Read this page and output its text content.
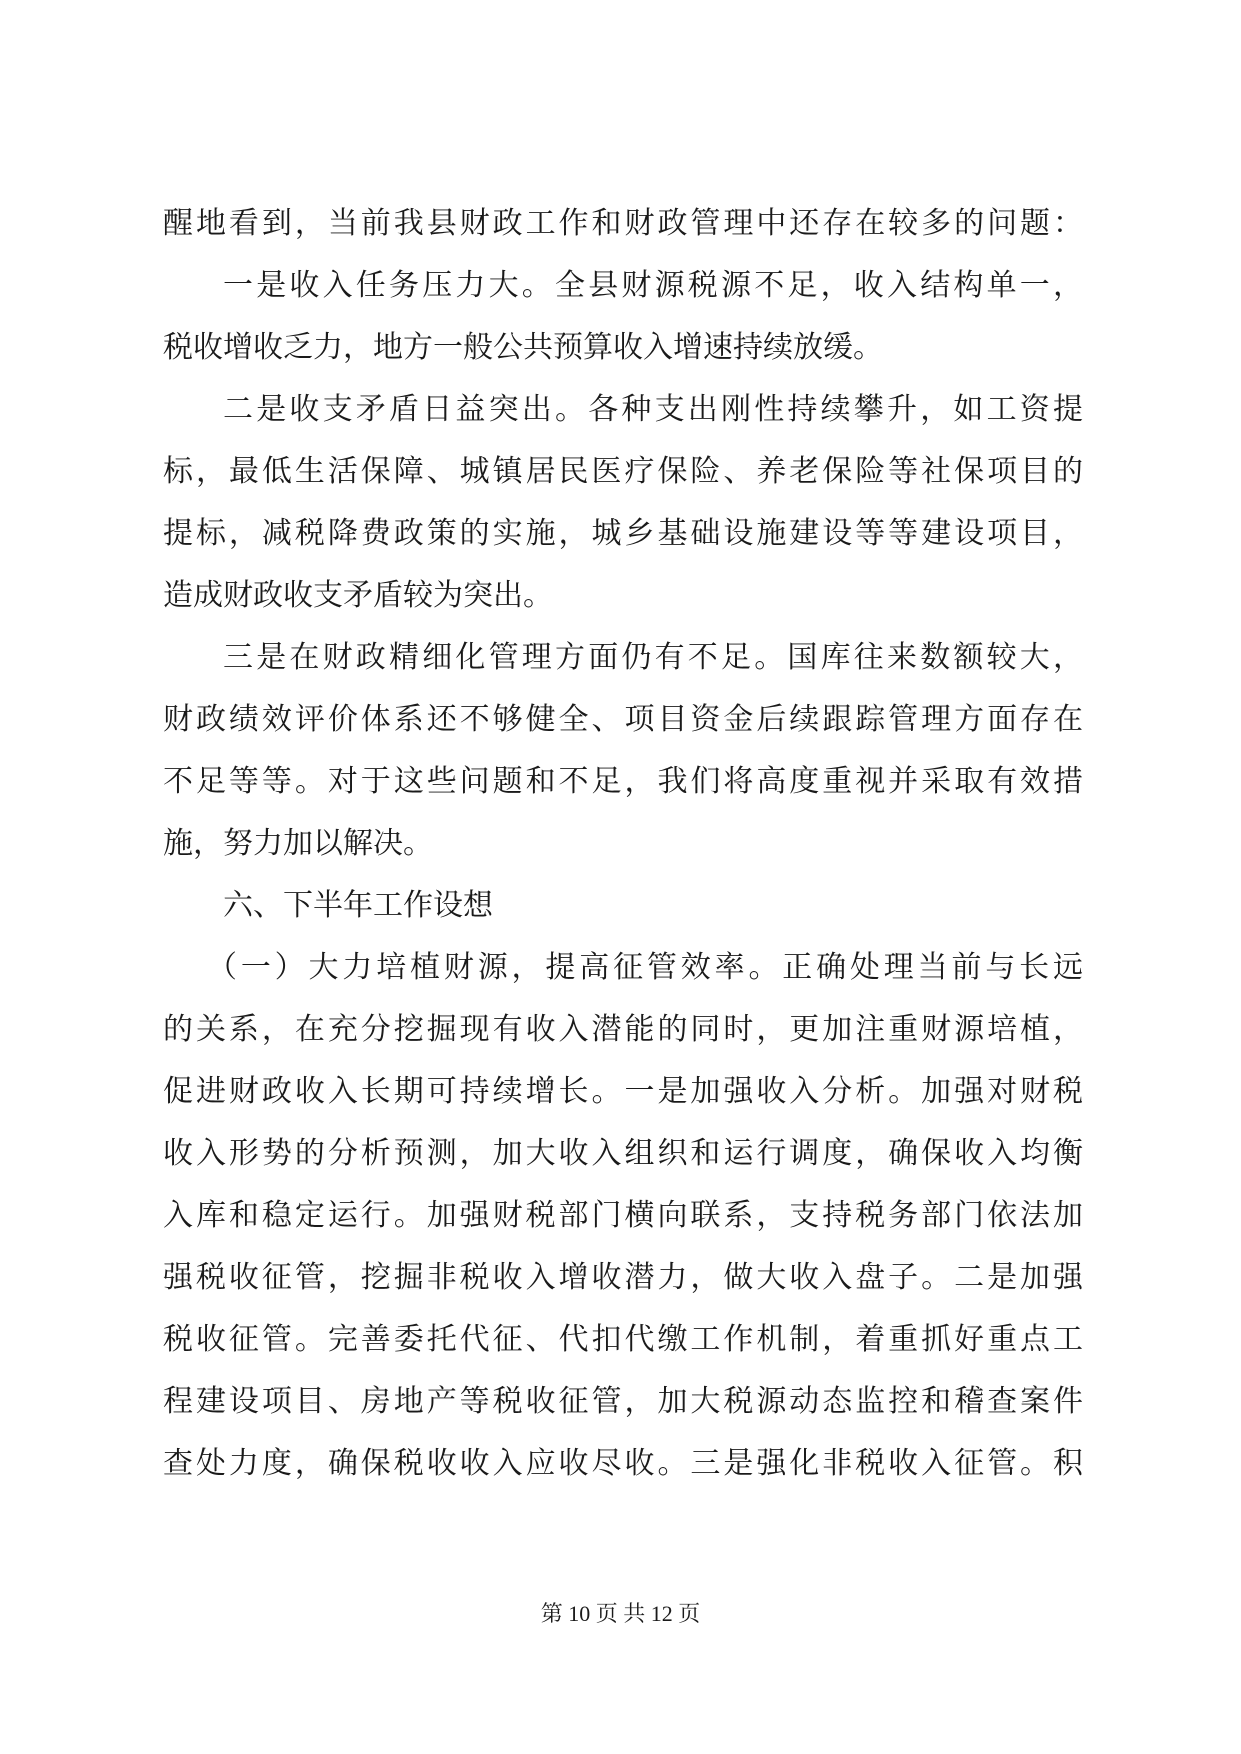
醒地看到，当前我县财政工作和财政管理中还存在较多的问题：
一是收入任务压力大。全县财源税源不足，收入结构单一，
税收增收乏力，地方一般公共预算收入增速持续放缓。
二是收支矛盾日益突出。各种支出刚性持续攀升，如工资提
标，最低生活保障、城镇居民医疗保险、养老保险等社保项目的
提标，减税降费政策的实施，城乡基础设施建设等等建设项目，
造成财政收支矛盾较为突出。
三是在财政精细化管理方面仍有不足。国库往来数额较大，
财政绩效评价体系还不够健全、项目资金后续跟踪管理方面存在
不足等等。对于这些问题和不足，我们将高度重视并采取有效措
施，努力加以解决。
六、下半年工作设想
（一）大力培植财源，提高征管效率。正确处理当前与长远
的关系，在充分挖掘现有收入潜能的同时，更加注重财源培植，
促进财政收入长期可持续增长。一是加强收入分析。加强对财税
收入形势的分析预测，加大收入组织和运行调度，确保收入均衡
入库和稳定运行。加强财税部门横向联系，支持税务部门依法加
强税收征管，挖掘非税收入增收潜力，做大收入盘子。二是加强
税收征管。完善委托代征、代扣代缴工作机制，着重抓好重点工
程建设项目、房地产等税收征管，加大税源动态监控和稽查案件
查处力度，确保税收收入应收尽收。三是强化非税收入征管。积
第 10 页 共 12 页
